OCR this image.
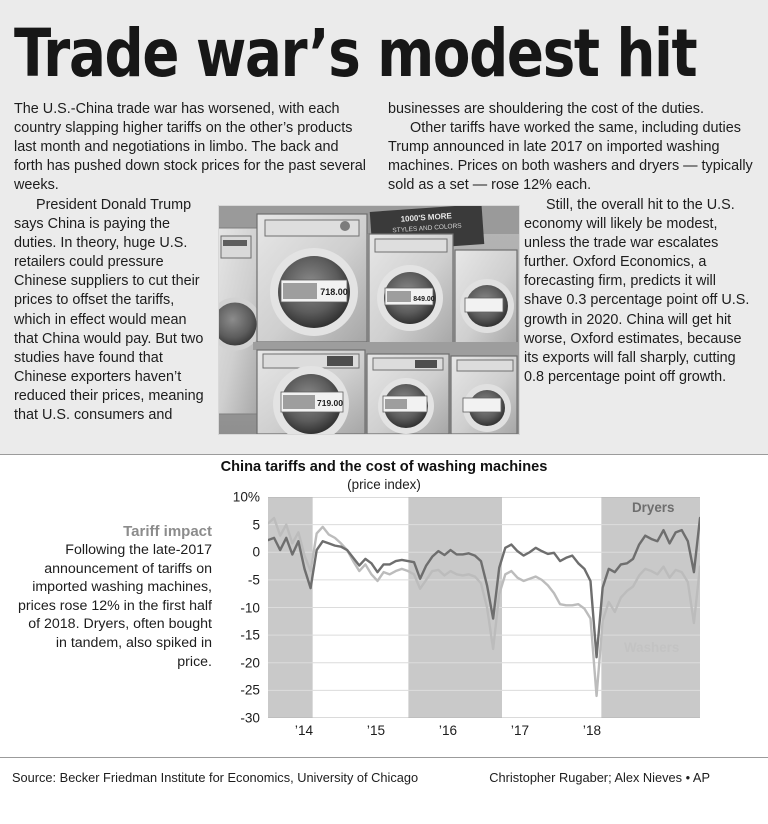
Trade war’s modest hit

The U.S.-China trade war has worsened, with each country slapping higher tariffs on the other’s products last month and negotiations in limbo. The back and forth has pushed down stock prices for the past several weeks.

President Donald Trump says China is paying the duties. In theory, huge U.S. retailers could pressure Chinese suppliers to cut their prices to offset the tariffs, which in effect would mean that China would pay. But two studies have found that Chinese exporters haven’t reduced their prices, meaning that U.S. consumers and

businesses are shouldering the cost of the duties.

Other tariffs have worked the same, including duties Trump announced in late 2017 on imported washing machines. Prices on both washers and dryers — typically sold as a set — rose 12% each.

Still, the overall hit to the U.S. economy will likely be modest, unless the trade war escalates further. Oxford Economics, a forecasting firm, predicts it will shave 0.3 percentage point off U.S. growth in 2020. China will get hit worse, Oxford estimates, because its exports will fall sharply, cutting 0.8 percentage point off growth.

1000'S MORE
STYLES AND COLORS
718.00
849.00
719.00
China tariffs and the cost of washing machines
(price index)
Tariff impact
Following the late-2017 announcement of tariffs on imported washing machines, prices rose 12% in the first half of 2018. Dryers, often bought in tandem, also spiked in price.
10%
5
0
-5
-10
-15
-20
-25
-30
’14	’15	’16	’17	’18
Dryers
Washers
Source: Becker Friedman Institute for Economics, University of Chicago	Christopher Rugaber; Alex Nieves • AP
